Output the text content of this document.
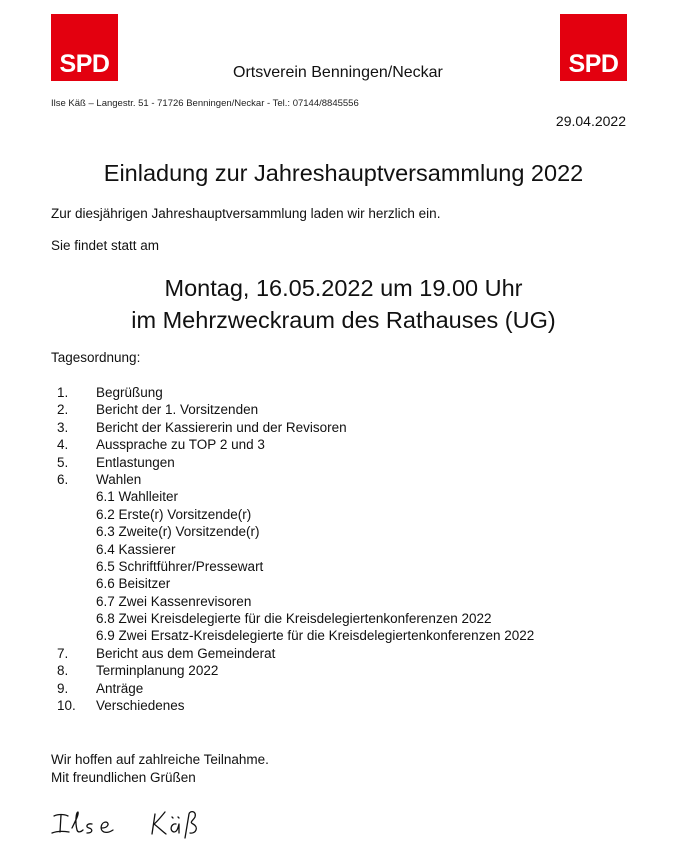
SPD	SPD
Ortsverein Benningen/Neckar
Ilse Käß – Langestr. 51 - 71726 Benningen/Neckar - Tel.: 07144/8845556
29.04.2022
Einladung zur Jahreshauptversammlung 2022
Zur diesjährigen Jahreshauptversammlung laden wir herzlich ein.
Sie findet statt am
Montag, 16.05.2022 um 19.00 Uhr
im Mehrzweckraum des Rathauses (UG)
Tagesordnung:
1. Begrüßung
2. Bericht der 1. Vorsitzenden
3. Bericht der Kassiererin und der Revisoren
4. Aussprache zu TOP 2 und 3
5. Entlastungen
6. Wahlen
6.1 Wahlleiter
6.2 Erste(r) Vorsitzende(r)
6.3 Zweite(r) Vorsitzende(r)
6.4 Kassierer
6.5 Schriftführer/Pressewart
6.6 Beisitzer
6.7 Zwei Kassenrevisoren
6.8 Zwei Kreisdelegierte für die Kreisdelegiertenkonferenzen 2022
6.9 Zwei Ersatz-Kreisdelegierte für die Kreisdelegiertenkonferenzen 2022
7. Bericht aus dem Gemeinderat
8. Terminplanung 2022
9. Anträge
10. Verschiedenes
Wir hoffen auf zahlreiche Teilnahme.
Mit freundlichen Grüßen
